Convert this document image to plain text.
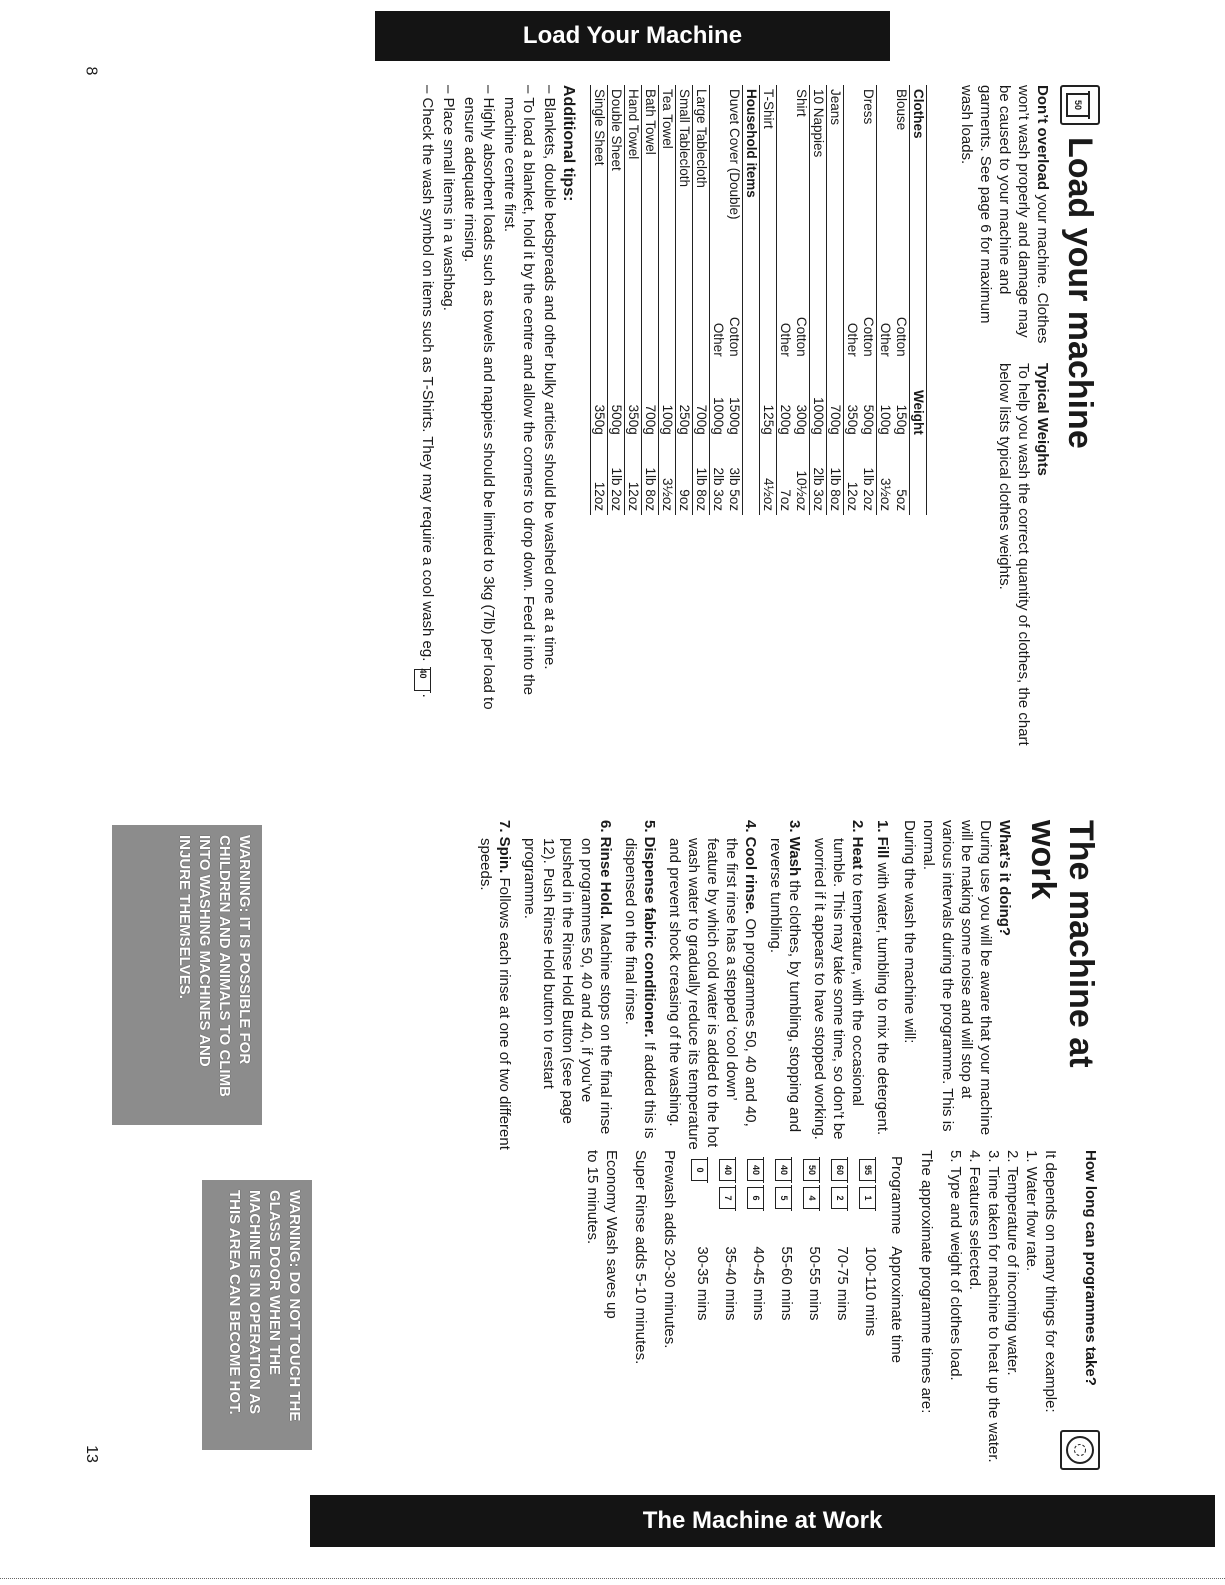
Load Your Machine
The Machine at Work
8
13
50
Load your machine

Don’t overload your machine. Clothes won’t wash properly and damage may be caused to your machine and garments. See page 6 for maximum wash loads.

Typical Weights

To help you wash the correct quantity of clothes, the chart below lists typical clothes weights.

Clothes		Weight	
Blouse	Cotton	150g	5oz
	Other	100g	3½oz
Dress	Cotton	500g	1lb 2oz
	Other	350g	12oz
Jeans		700g	1lb 8oz
10 Nappies		1000g	2lb 3oz
Shirt	Cotton	300g	10½oz
	Other	200g	7oz
T-Shirt		125g	4½oz
Household items			
Duvet Cover (Double)	Cotton	1500g	3lb 5oz
	Other	1000g	2lb 3oz
Large Tablecloth		700g	1lb 8oz
Small Tablecloth		250g	9oz
Tea Towel		100g	3½oz
Bath Towel		700g	1lb 8oz
Hand Towel		350g	12oz
Double Sheet		500g	1lb 2oz
Single Sheet		350g	12oz
Additional tips:
– Blankets, double bedspreads and other bulky articles should be washed one at a time.
– To load a blanket, hold it by the centre and allow the corners to drop down. Feed it into the machine centre first.
– Highly absorbent loads such as towels and nappies should be limited to 3kg (7lb) per load to ensure adequate rinsing.
– Place small items in a washbag.
– Check the wash symbol on items such as T-Shirts. They may require a cool wash eg. 40.
The machine at work
What’s it doing?

During use you will be aware that your machine will be making some noise and will stop at various intervals during the programme. This is normal.

During the wash the machine will:

1. Fill with water, tumbling to mix the detergent.
2. Heat to temperature, with the occasional tumble. This may take some time, so don’t be worried if it appears to have stopped working.
3. Wash the clothes, by tumbling, stopping and reverse tumbling.
4. Cool rinse. On programmes 50, 40 and 40, the first rinse has a stepped ‘cool down’ feature by which cold water is added to the hot wash water to gradually reduce its temperature and prevent shock creasing of the washing.
5. Dispense fabric conditioner. If added this is dispensed on the final rinse.
6. Rinse Hold. Machine stops on the final rinse on programmes 50, 40 and 40, if you’ve pushed in the Rinse Hold Button (see page 12). Push Rinse Hold button to restart programme.
7. Spin. Follows each rinse at one of two different speeds.
WARNING: IT IS POSSIBLE FOR CHILDREN AND ANIMALS TO CLIMB INTO WASHING MACHINES AND INJURE THEMSELVES.
How long can programmes take?

It depends on many things for example:

1. Water flow rate.
2. Temperature of incoming water.
3. Time taken for machine to heat up the water.
4. Features selected.
5. Type and weight of clothes load.

The approximate programme times are:

Programme	Approximate time
951	100-110 mins
602	70-75 mins
504	50-55 mins
405	55-60 mins
406	40-45 mins
407	35-40 mins
0	30-35 mins

Prewash adds 20-30 minutes.

Super Rinse adds 5-10 minutes.

Economy Wash saves up to 15 minutes.

WARNING: DO NOT TOUCH THE GLASS DOOR WHEN THE MACHINE IS IN OPERATION AS THIS AREA CAN BECOME HOT.
